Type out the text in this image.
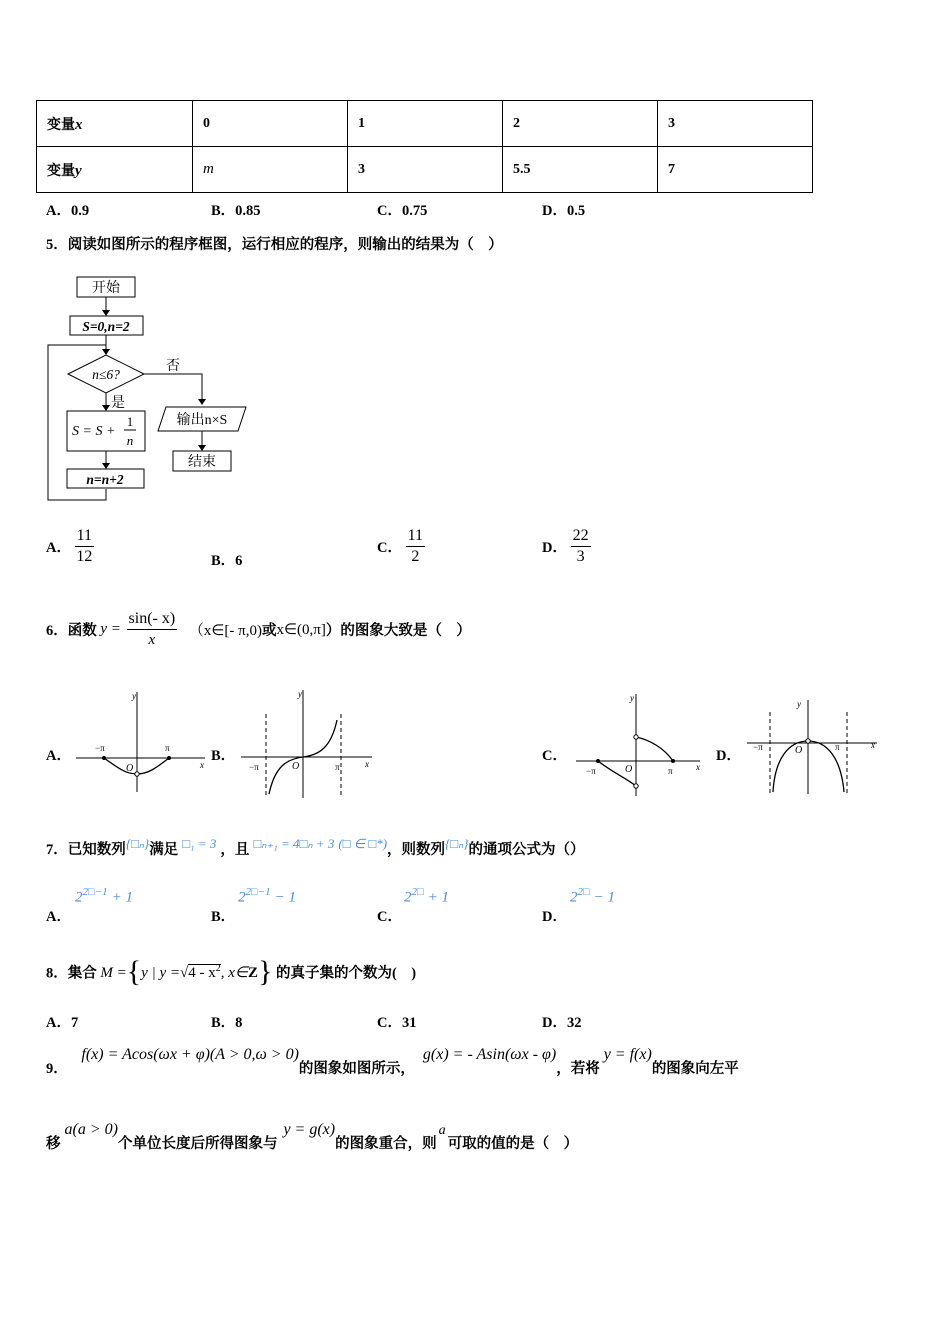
变量x	0	1	2	3
变量y	m	3	5.5	7
A．0.9	B．0.85	C．0.75	D．0.5
5．阅读如图所示的程序框图，运行相应的程序，则输出的结果为（　）
开始
S=0,n=2
n≤6?
否
是
S = S +
1
n
n=n+2
输出n×S
结束
A． $\frac{11}{12}$	B．6
C． $\frac{11}{2}$	D． $\frac{22}{3}$
6．函数 $y = \frac{\sin(- x)}{x}$ （x∈[- π,0)或x∈(0,π]）的图象大致是（　）
A．
y
x
O
−π	π	B．
y
x
O
−π	π
C．
y
x
O
−π	π
D．
y
x
O
−π	π
7．已知数列{□ₙ}满足 □₁ = 3 ，且 □ₙ₊₁ = 4□ₙ + 3 (□ ∈ □*)，则数列{□ₙ}的通项公式为（）
A．
$2^{2□-1} + 1$
B．
$2^{2□-1} - 1$
C．
$2^{2□} + 1$
D．
$2^{2□} - 1$
8．集合 M ={y | $y =√4 - x^2$, x∈Z} 的真子集的个数为(　)
A．7	B．8	C．31	D．32
9． f(x) = Acos(ωx + φ)(A > 0,ω > 0)的图象如图所示，g(x) = - Asin(ωx - φ)，若将y = f(x)的图象向左平
移a(a > 0)个单位长度后所得图象与y = g(x)的图象重合，则a可取的值的是（　）
